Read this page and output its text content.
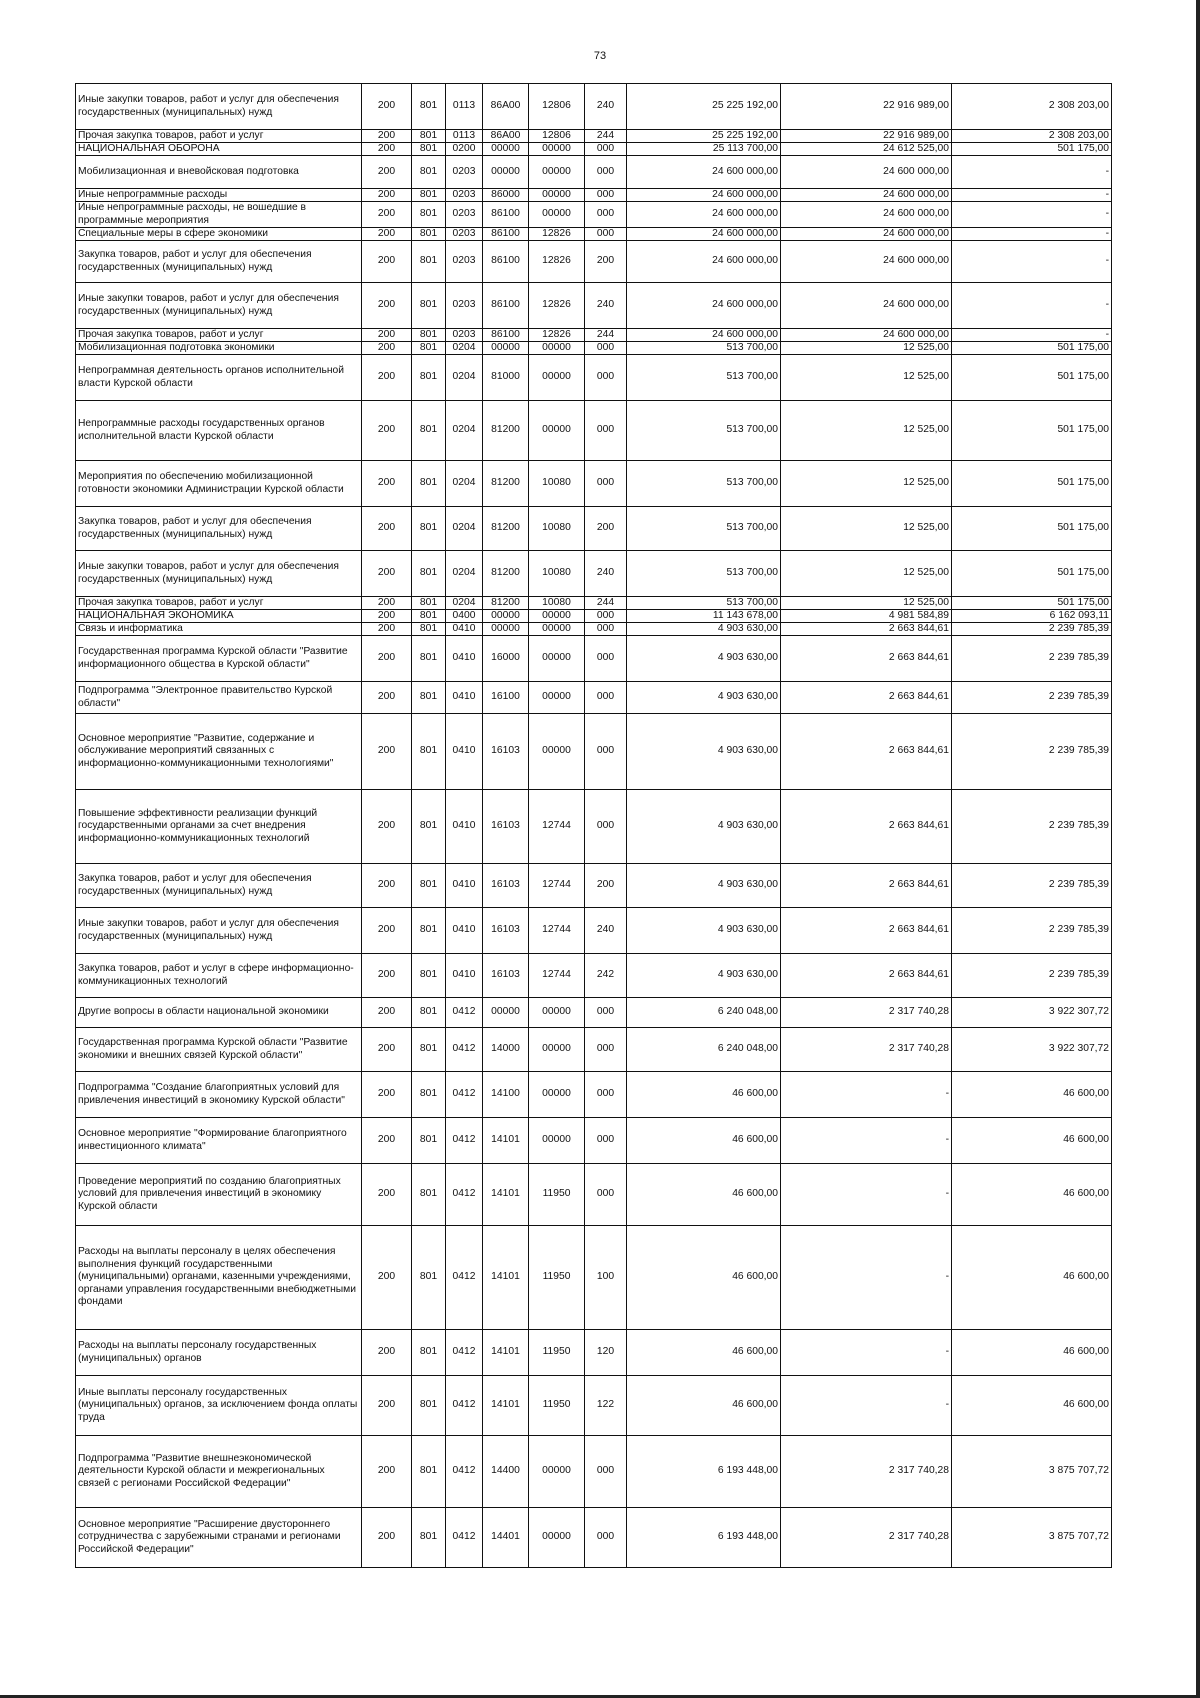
73
Иные закупки товаров, работ и услуг для обеспечения государственных (муниципальных) нужд	200	801	0113	86А00	12806	240	25 225 192,00	22 916 989,00	2 308 203,00
Прочая закупка товаров, работ и услуг	200	801	0113	86А00	12806	244	25 225 192,00	22 916 989,00	2 308 203,00
НАЦИОНАЛЬНАЯ ОБОРОНА	200	801	0200	00000	00000	000	25 113 700,00	24 612 525,00	501 175,00
Мобилизационная и вневойсковая подготовка	200	801	0203	00000	00000	000	24 600 000,00	24 600 000,00	-
Иные непрограммные расходы	200	801	0203	86000	00000	000	24 600 000,00	24 600 000,00	-
Иные непрограммные расходы, не вошедшие в программные мероприятия	200	801	0203	86100	00000	000	24 600 000,00	24 600 000,00	-
Специальные меры в сфере экономики	200	801	0203	86100	12826	000	24 600 000,00	24 600 000,00	-
Закупка товаров, работ и услуг для обеспечения государственных (муниципальных) нужд	200	801	0203	86100	12826	200	24 600 000,00	24 600 000,00	-
Иные закупки товаров, работ и услуг для обеспечения государственных (муниципальных) нужд	200	801	0203	86100	12826	240	24 600 000,00	24 600 000,00	-
Прочая закупка товаров, работ и услуг	200	801	0203	86100	12826	244	24 600 000,00	24 600 000,00	-
Мобилизационная подготовка экономики	200	801	0204	00000	00000	000	513 700,00	12 525,00	501 175,00
Непрограммная деятельность органов исполнительной власти Курской области	200	801	0204	81000	00000	000	513 700,00	12 525,00	501 175,00
Непрограммные расходы государственных органов исполнительной власти Курской области	200	801	0204	81200	00000	000	513 700,00	12 525,00	501 175,00
Мероприятия по обеспечению мобилизационной готовности экономики Администрации Курской области	200	801	0204	81200	10080	000	513 700,00	12 525,00	501 175,00
Закупка товаров, работ и услуг для обеспечения государственных (муниципальных) нужд	200	801	0204	81200	10080	200	513 700,00	12 525,00	501 175,00
Иные закупки товаров, работ и услуг для обеспечения государственных (муниципальных) нужд	200	801	0204	81200	10080	240	513 700,00	12 525,00	501 175,00
Прочая закупка товаров, работ и услуг	200	801	0204	81200	10080	244	513 700,00	12 525,00	501 175,00
НАЦИОНАЛЬНАЯ ЭКОНОМИКА	200	801	0400	00000	00000	000	11 143 678,00	4 981 584,89	6 162 093,11
Связь и информатика	200	801	0410	00000	00000	000	4 903 630,00	2 663 844,61	2 239 785,39
Государственная программа Курской области "Развитие информационного общества в Курской области"	200	801	0410	16000	00000	000	4 903 630,00	2 663 844,61	2 239 785,39
Подпрограмма "Электронное правительство Курской области"	200	801	0410	16100	00000	000	4 903 630,00	2 663 844,61	2 239 785,39
Основное мероприятие "Развитие, содержание и обслуживание мероприятий связанных с информационно-коммуникационными технологиями"	200	801	0410	16103	00000	000	4 903 630,00	2 663 844,61	2 239 785,39
Повышение эффективности реализации функций государственными органами за счет внедрения информационно-коммуникационных технологий	200	801	0410	16103	12744	000	4 903 630,00	2 663 844,61	2 239 785,39
Закупка товаров, работ и услуг для обеспечения государственных (муниципальных) нужд	200	801	0410	16103	12744	200	4 903 630,00	2 663 844,61	2 239 785,39
Иные закупки товаров, работ и услуг для обеспечения государственных (муниципальных) нужд	200	801	0410	16103	12744	240	4 903 630,00	2 663 844,61	2 239 785,39
Закупка товаров, работ и услуг в сфере информационно-коммуникационных технологий	200	801	0410	16103	12744	242	4 903 630,00	2 663 844,61	2 239 785,39
Другие вопросы в области национальной экономики	200	801	0412	00000	00000	000	6 240 048,00	2 317 740,28	3 922 307,72
Государственная программа Курской области "Развитие экономики и внешних связей Курской области"	200	801	0412	14000	00000	000	6 240 048,00	2 317 740,28	3 922 307,72
Подпрограмма "Создание благоприятных условий для привлечения инвестиций в экономику Курской области"	200	801	0412	14100	00000	000	46 600,00	-	46 600,00
Основное мероприятие "Формирование благоприятного инвестиционного климата"	200	801	0412	14101	00000	000	46 600,00	-	46 600,00
Проведение мероприятий по созданию благоприятных условий для привлечения инвестиций в экономику Курской области	200	801	0412	14101	11950	000	46 600,00	-	46 600,00
Расходы на выплаты персоналу в целях обеспечения выполнения функций государственными (муниципальными) органами, казенными учреждениями, органами управления государственными внебюджетными фондами	200	801	0412	14101	11950	100	46 600,00	-	46 600,00
Расходы на выплаты персоналу государственных (муниципальных) органов	200	801	0412	14101	11950	120	46 600,00	-	46 600,00
Иные выплаты персоналу государственных (муниципальных) органов, за исключением фонда оплаты труда	200	801	0412	14101	11950	122	46 600,00	-	46 600,00
Подпрограмма "Развитие внешнеэкономической деятельности Курской области и межрегиональных связей с регионами Российской Федерации"	200	801	0412	14400	00000	000	6 193 448,00	2 317 740,28	3 875 707,72
Основное мероприятие "Расширение двустороннего сотрудничества с зарубежными странами и регионами Российской Федерации"	200	801	0412	14401	00000	000	6 193 448,00	2 317 740,28	3 875 707,72
